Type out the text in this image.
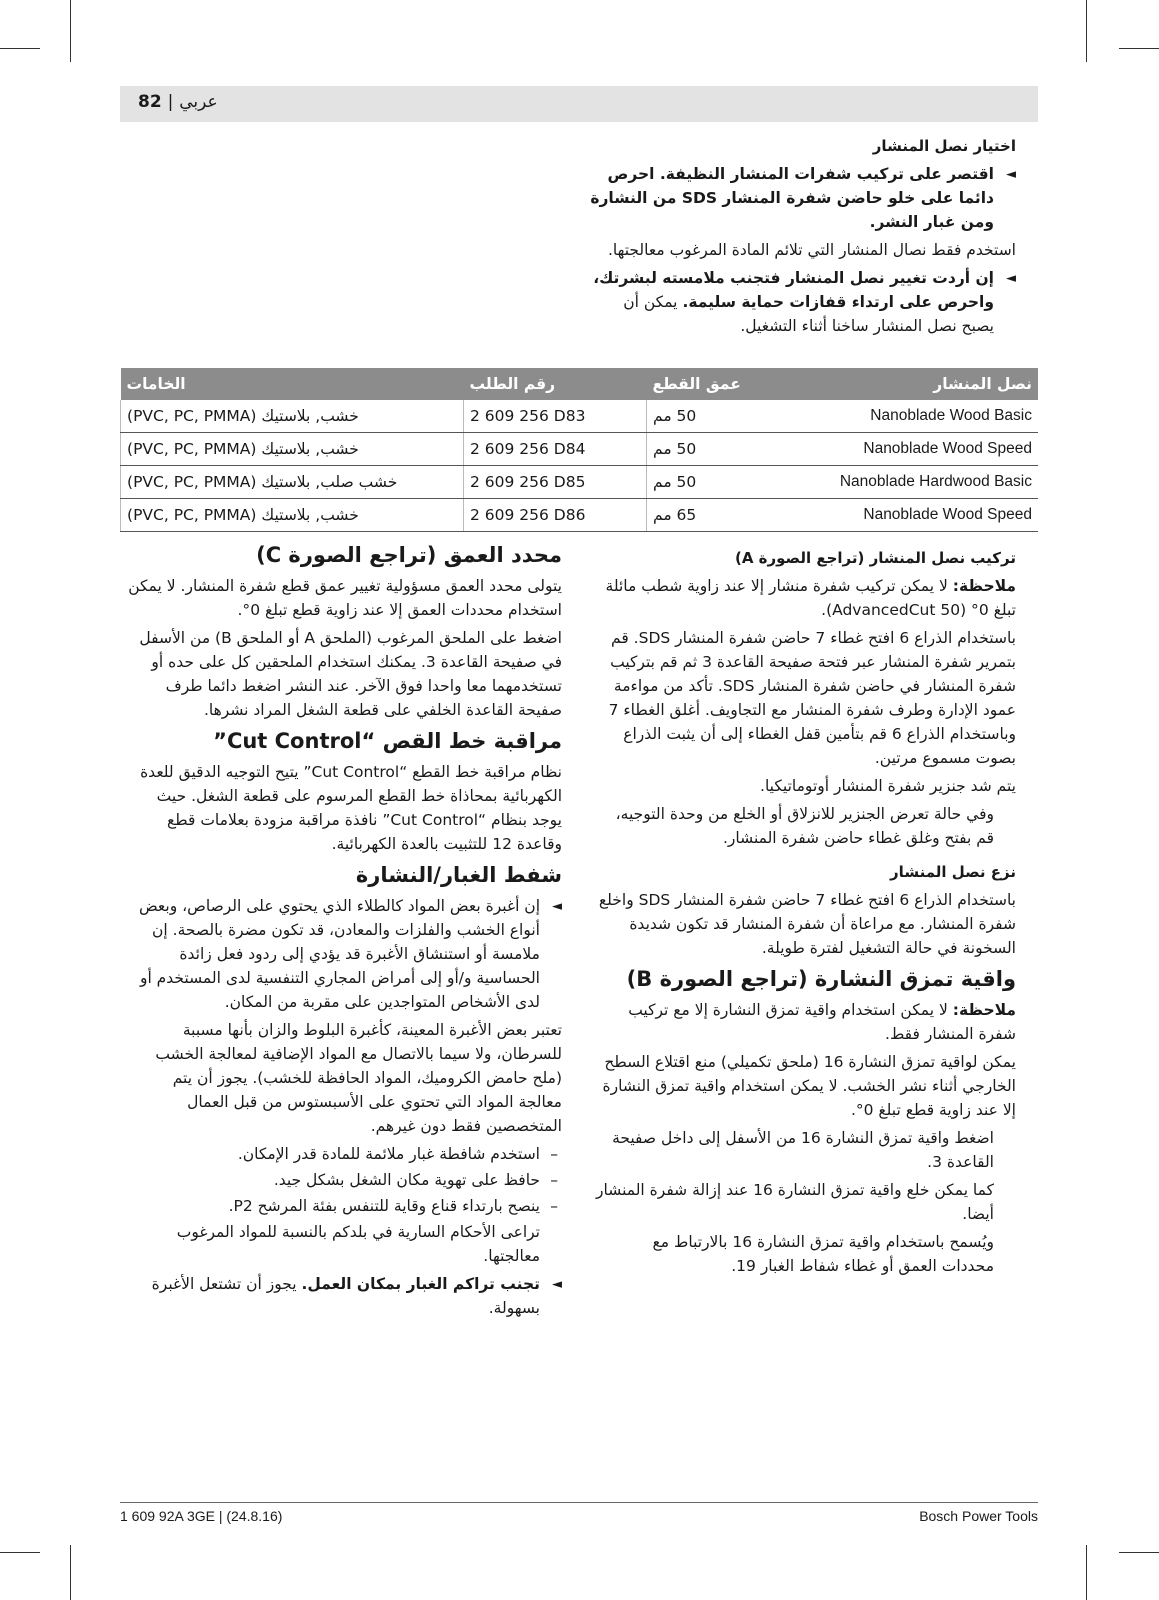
82 | عربي

اختيار نصل المنشار

◄
اقتصر على تركيب شفرات المنشار النظيفة. احرص دائما على خلو حاضن شفرة المنشار SDS من النشارة ومن غبار النشر.

استخدم فقط نصال المنشار التي تلائم المادة المرغوب معالجتها.

◄
إن أردت تغيير نصل المنشار فتجنب ملامسته لبشرتك، واحرص على ارتداء قفازات حماية سليمة. يمكن أن يصبح نصل المنشار ساخنا أثناء التشغيل.
الخامات	رقم الطلب	عمق القطع	نصل المنشار
خشب, بلاستيك (PVC, PC, PMMA)	2 609 256 D83	50 مم	Nanoblade Wood Basic
خشب, بلاستيك (PVC, PC, PMMA)	2 609 256 D84	50 مم	Nanoblade Wood Speed
خشب صلب, بلاستيك (PVC, PC, PMMA)	2 609 256 D85	50 مم	Nanoblade Hardwood Basic
خشب, بلاستيك (PVC, PC, PMMA)	2 609 256 D86	65 مم	Nanoblade Wood Speed

تركيب نصل المنشار (تراجع الصورة A)

ملاحظة: لا يمكن تركيب شفرة منشار إلا عند زاوية شطب مائلة تبلغ 0° (AdvancedCut 50).

باستخدام الذراع 6 افتح غطاء 7 حاضن شفرة المنشار SDS. قم بتمرير شفرة المنشار عبر فتحة صفيحة القاعدة 3 ثم قم بتركيب شفرة المنشار في حاضن شفرة المنشار SDS. تأكد من مواءمة عمود الإدارة وطرف شفرة المنشار مع التجاويف. أغلق الغطاء 7 وباستخدام الذراع 6 قم بتأمين قفل الغطاء إلى أن يثبت الذراع بصوت مسموع مرتين.

يتم شد جنزير شفرة المنشار أوتوماتيكيا.

وفي حالة تعرض الجنزير للانزلاق أو الخلع من وحدة التوجيه، قم بفتح وغلق غطاء حاضن شفرة المنشار.

نزع نصل المنشار

باستخدام الذراع 6 افتح غطاء 7 حاضن شفرة المنشار SDS واخلع شفرة المنشار. مع مراعاة أن شفرة المنشار قد تكون شديدة السخونة في حالة التشغيل لفترة طويلة.

واقية تمزق النشارة (تراجع الصورة B)

ملاحظة: لا يمكن استخدام واقية تمزق النشارة إلا مع تركيب شفرة المنشار فقط.

يمكن لواقية تمزق النشارة 16 (ملحق تكميلي) منع اقتلاع السطح الخارجي أثناء نشر الخشب. لا يمكن استخدام واقية تمزق النشارة إلا عند زاوية قطع تبلغ 0°.

اضغط واقية تمزق النشارة 16 من الأسفل إلى داخل صفيحة القاعدة 3.

كما يمكن خلع واقية تمزق النشارة 16 عند إزالة شفرة المنشار أيضا.

ويُسمح باستخدام واقية تمزق النشارة 16 بالارتباط مع محددات العمق أو غطاء شفاط الغبار 19.

محدد العمق (تراجع الصورة C)

يتولى محدد العمق مسؤولية تغيير عمق قطع شفرة المنشار. لا يمكن استخدام محددات العمق إلا عند زاوية قطع تبلغ 0°.

اضغط على الملحق المرغوب (الملحق A أو الملحق B) من الأسفل في صفيحة القاعدة 3. يمكنك استخدام الملحقين كل على حده أو تستخدمهما معا واحدا فوق الآخر. عند النشر اضغط دائما طرف صفيحة القاعدة الخلفي على قطعة الشغل المراد نشرها.

مراقبة خط القص “Cut Control”

نظام مراقبة خط القطع “Cut Control” يتيح التوجيه الدقيق للعدة الكهربائية بمحاذاة خط القطع المرسوم على قطعة الشغل. حيث يوجد بنظام “Cut Control” نافذة مراقبة مزودة بعلامات قطع وقاعدة 12 للتثبيت بالعدة الكهربائية.

شفط الغبار/النشارة

◄
إن أغبرة بعض المواد كالطلاء الذي يحتوي على الرصاص، وبعض أنواع الخشب والفلزات والمعادن، قد تكون مضرة بالصحة. إن ملامسة أو استنشاق الأغبرة قد يؤدي إلى ردود فعل زائدة الحساسية و/أو إلى أمراض المجاري التنفسية لدى المستخدم أو لدى الأشخاص المتواجدين على مقربة من المكان.

تعتبر بعض الأغبرة المعينة، كأغبرة البلوط والزان بأنها مسببة للسرطان، ولا سيما بالاتصال مع المواد الإضافية لمعالجة الخشب (ملح حامض الكروميك، المواد الحافظة للخشب). يجوز أن يتم معالجة المواد التي تحتوي على الأسبستوس من قبل العمال المتخصصين فقط دون غيرهم.

–
استخدم شافطة غبار ملائمة للمادة قدر الإمكان.
–
حافظ على تهوية مكان الشغل بشكل جيد.
–
ينصح بارتداء قناع وقاية للتنفس بفئة المرشح P2.

تراعى الأحكام السارية في بلدكم بالنسبة للمواد المرغوب معالجتها.

◄
تجنب تراكم الغبار بمكان العمل. يجوز أن تشتعل الأغبرة بسهولة.
1 609 92A 3GE | (24.8.16)	Bosch Power Tools
